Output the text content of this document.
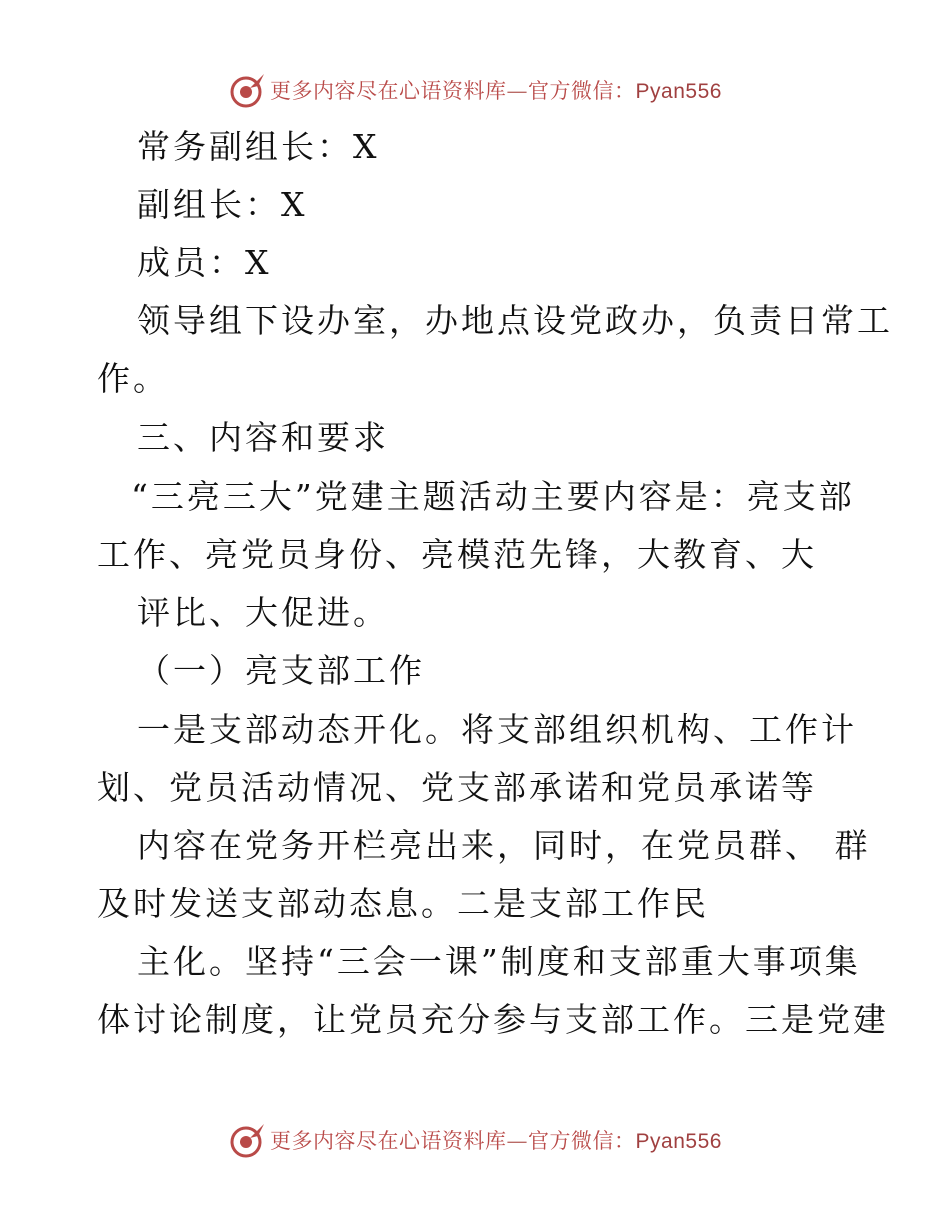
更多内容尽在心语资料库—官方微信：Pyan556
常务副组长：X
副组长：X
成员：X
领导组下设办室，办地点设党政办，负责日常工
作。
三、内容和要求
“三亮三大”党建主题活动主要内容是：亮支部
工作、亮党员身份、亮模范先锋，大教育、大
评比、大促进。
（一）亮支部工作
一是支部动态开化。将支部组织机构、工作计
划、党员活动情况、党支部承诺和党员承诺等
内容在党务开栏亮出来，同时，在党员群、 群
及时发送支部动态息。二是支部工作民
主化。坚持“三会一课”制度和支部重大事项集
体讨论制度，让党员充分参与支部工作。三是党建
更多内容尽在心语资料库—官方微信：Pyan556
